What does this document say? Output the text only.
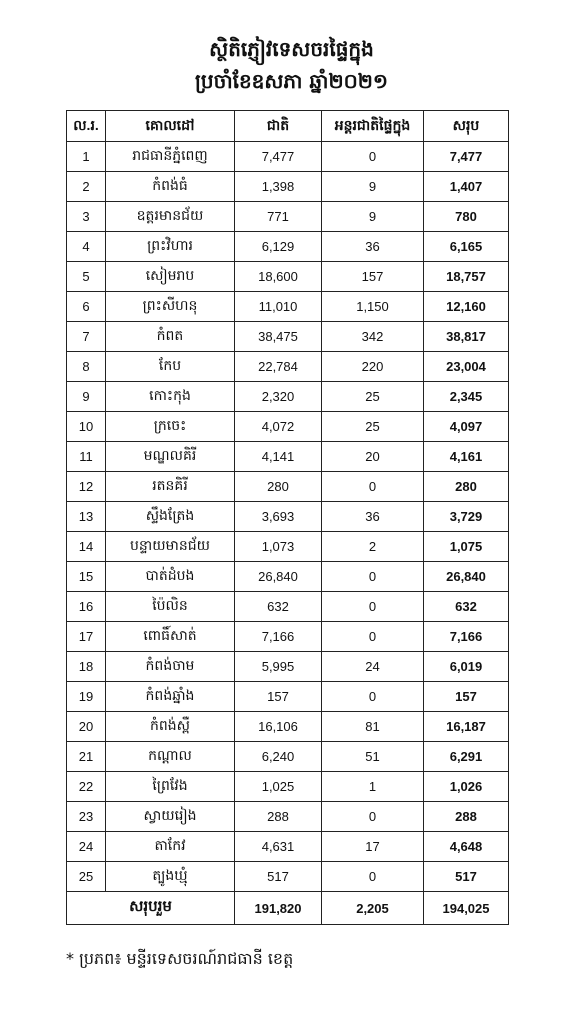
ស្ថិតិភ្ញៀវទេសចរផ្ទៃក្នុង
ប្រចាំខែឧសភា ឆ្នាំ២០២១
ល.រ.	គោលដៅ	ជាតិ	អន្តរជាតិផ្ទៃក្នុង	សរុប
1	រាជធានីភ្នំពេញ	7,477	0	7,477
2	កំពង់ធំ	1,398	9	1,407
3	ឧត្តរមានជ័យ	771	9	780
4	ព្រះវិហារ	6,129	36	6,165
5	សៀមរាប	18,600	157	18,757
6	ព្រះសីហនុ	11,010	1,150	12,160
7	កំពត	38,475	342	38,817
8	កែប	22,784	220	23,004
9	កោះកុង	2,320	25	2,345
10	ក្រចេះ	4,072	25	4,097
11	មណ្ឌលគិរី	4,141	20	4,161
12	រតនគិរី	280	0	280
13	ស្ទឹងត្រែង	3,693	36	3,729
14	បន្ទាយមានជ័យ	1,073	2	1,075
15	បាត់ដំបង	26,840	0	26,840
16	ប៉ៃលិន	632	0	632
17	ពោធិ៍សាត់	7,166	0	7,166
18	កំពង់ចាម	5,995	24	6,019
19	កំពង់ឆ្នាំង	157	0	157
20	កំពង់ស្ពឺ	16,106	81	16,187
21	កណ្ដាល	6,240	51	6,291
22	ព្រៃវែង	1,025	1	1,026
23	ស្វាយរៀង	288	0	288
24	តាកែវ	4,631	17	4,648
25	ត្បូងឃ្មុំ	517	0	517
សរុបរួម		191,820	2,205	194,025
* ប្រភព៖ មន្ទីរទេសចរណ៍រាជធានី ខេត្ត
